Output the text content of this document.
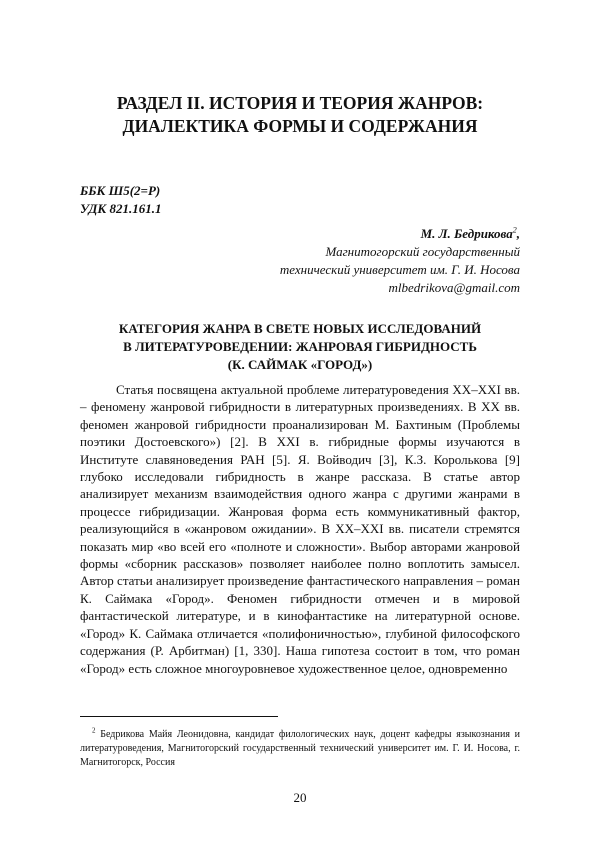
РАЗДЕЛ II. ИСТОРИЯ И ТЕОРИЯ ЖАНРОВ:
ДИАЛЕКТИКА ФОРМЫ И СОДЕРЖАНИЯ
ББК Ш5(2=Р)
УДК 821.161.1
М. Л. Бедрикова$^2$,
Магнитогорский государственный
технический университет им. Г. И. Носова
mlbedrikova@gmail.com
КАТЕГОРИЯ ЖАНРА В СВЕТЕ НОВЫХ ИССЛЕДОВАНИЙ
В ЛИТЕРАТУРОВЕДЕНИИ: ЖАНРОВАЯ ГИБРИДНОСТЬ
(К. САЙМАК «ГОРОД»)

Статья посвящена актуальной проблеме литературоведения XX–XXI вв. – феномену жанровой гибридности в литературных произведениях. В XX вв. феномен жанровой гибридности проанализирован М. Бахтиным (Проблемы поэтики Достоевского») [2]. В XXI в. гибридные формы изучаются в Институте славяноведения РАН [5]. Я. Войводич [3], К.З. Королькова [9] глубоко исследовали гибридность в жанре рассказа. В статье автор анализирует механизм взаимодействия одного жанра с другими жанрами в процессе гибридизации. Жанровая форма есть коммуникативный фактор, реализующийся в «жанровом ожидании». В XX–XXI вв. писатели стремятся показать мир «во всей его «полноте и сложности». Выбор авторами жанровой формы «сборник рассказов» позволяет наиболее полно воплотить замысел. Автор статьи анализирует произведение фантастического направления – роман К. Саймака «Город». Феномен гибридности отмечен и в мировой фантастической литературе, и в кинофантастике на литературной основе. «Город» К. Саймака отличается «полифоничностью», глубиной философского содержания (Р. Арбитман) [1, 330]. Наша гипотеза состоит в том, что роман «Город» есть сложное многоуровневое художественное целое, одновременно

$^2$ Бедрикова Майя Леонидовна, кандидат филологических наук, доцент кафедры языкознания и литературоведения, Магнитогорский государственный технический университет им. Г. И. Носова, г. Магнитогорск, Россия
20
